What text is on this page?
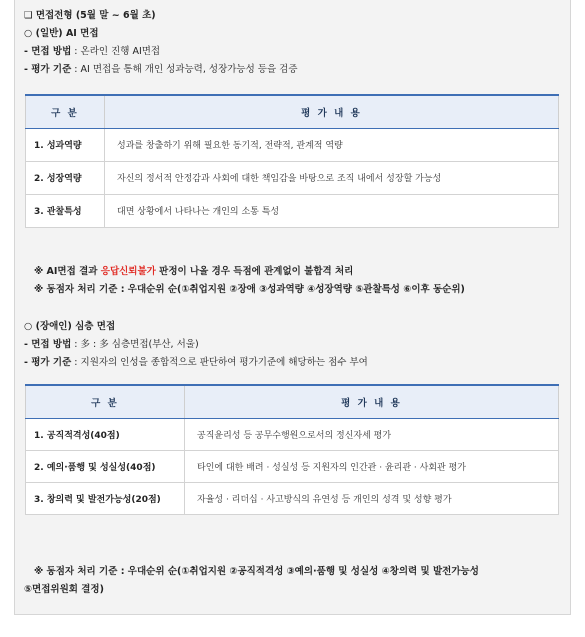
❑ 면접전형 (5월 말 ~ 6월 초)
○ (일반) AI 면접
- 면접 방법 : 온라인 진행 AI면접
- 평가 기준 : AI 면접을 통해 개인 성과능력, 성장가능성 등을 검증
구 분	평 가 내 용
1. 성과역량	성과를 창출하기 위해 필요한 동기적, 전략적, 관계적 역량
2. 성장역량	자신의 정서적 안정감과 사회에 대한 책임감을 바탕으로 조직 내에서 성장할 가능성
3. 관찰특성	대면 상황에서 나타나는 개인의 소통 특성
※ AI면접 결과 응답신뢰불가 판정이 나올 경우 득점에 관계없이 불합격 처리
※ 동점자 처리 기준 : 우대순위 순(①취업지원 ②장애 ③성과역량 ④성장역량 ⑤관찰특성 ⑥이후 동순위)
○ (장애인) 심층 면접
- 면접 방법 : 多 : 多 심층면접(부산, 서울)
- 평가 기준 : 지원자의 인성을 종합적으로 판단하여 평가기준에 해당하는 점수 부여
구 분	평 가 내 용
1. 공직적격성(40점)	공직윤리성 등 공무수행원으로서의 정신자세 평가
2. 예의·품행 및 성실성(40점)	타인에 대한 배려 · 성실성 등 지원자의 인간관 · 윤리관 · 사회관 평가
3. 창의력 및 발전가능성(20점)	자율성 · 리더십 · 사고방식의 유연성 등 개인의 성격 및 성향 평가
※ 동점자 처리 기준 : 우대순위 순(①취업지원 ②공직적격성 ③예의·품행 및 성실성 ④창의력 및 발전가능성
⑤면접위원회 결정)
